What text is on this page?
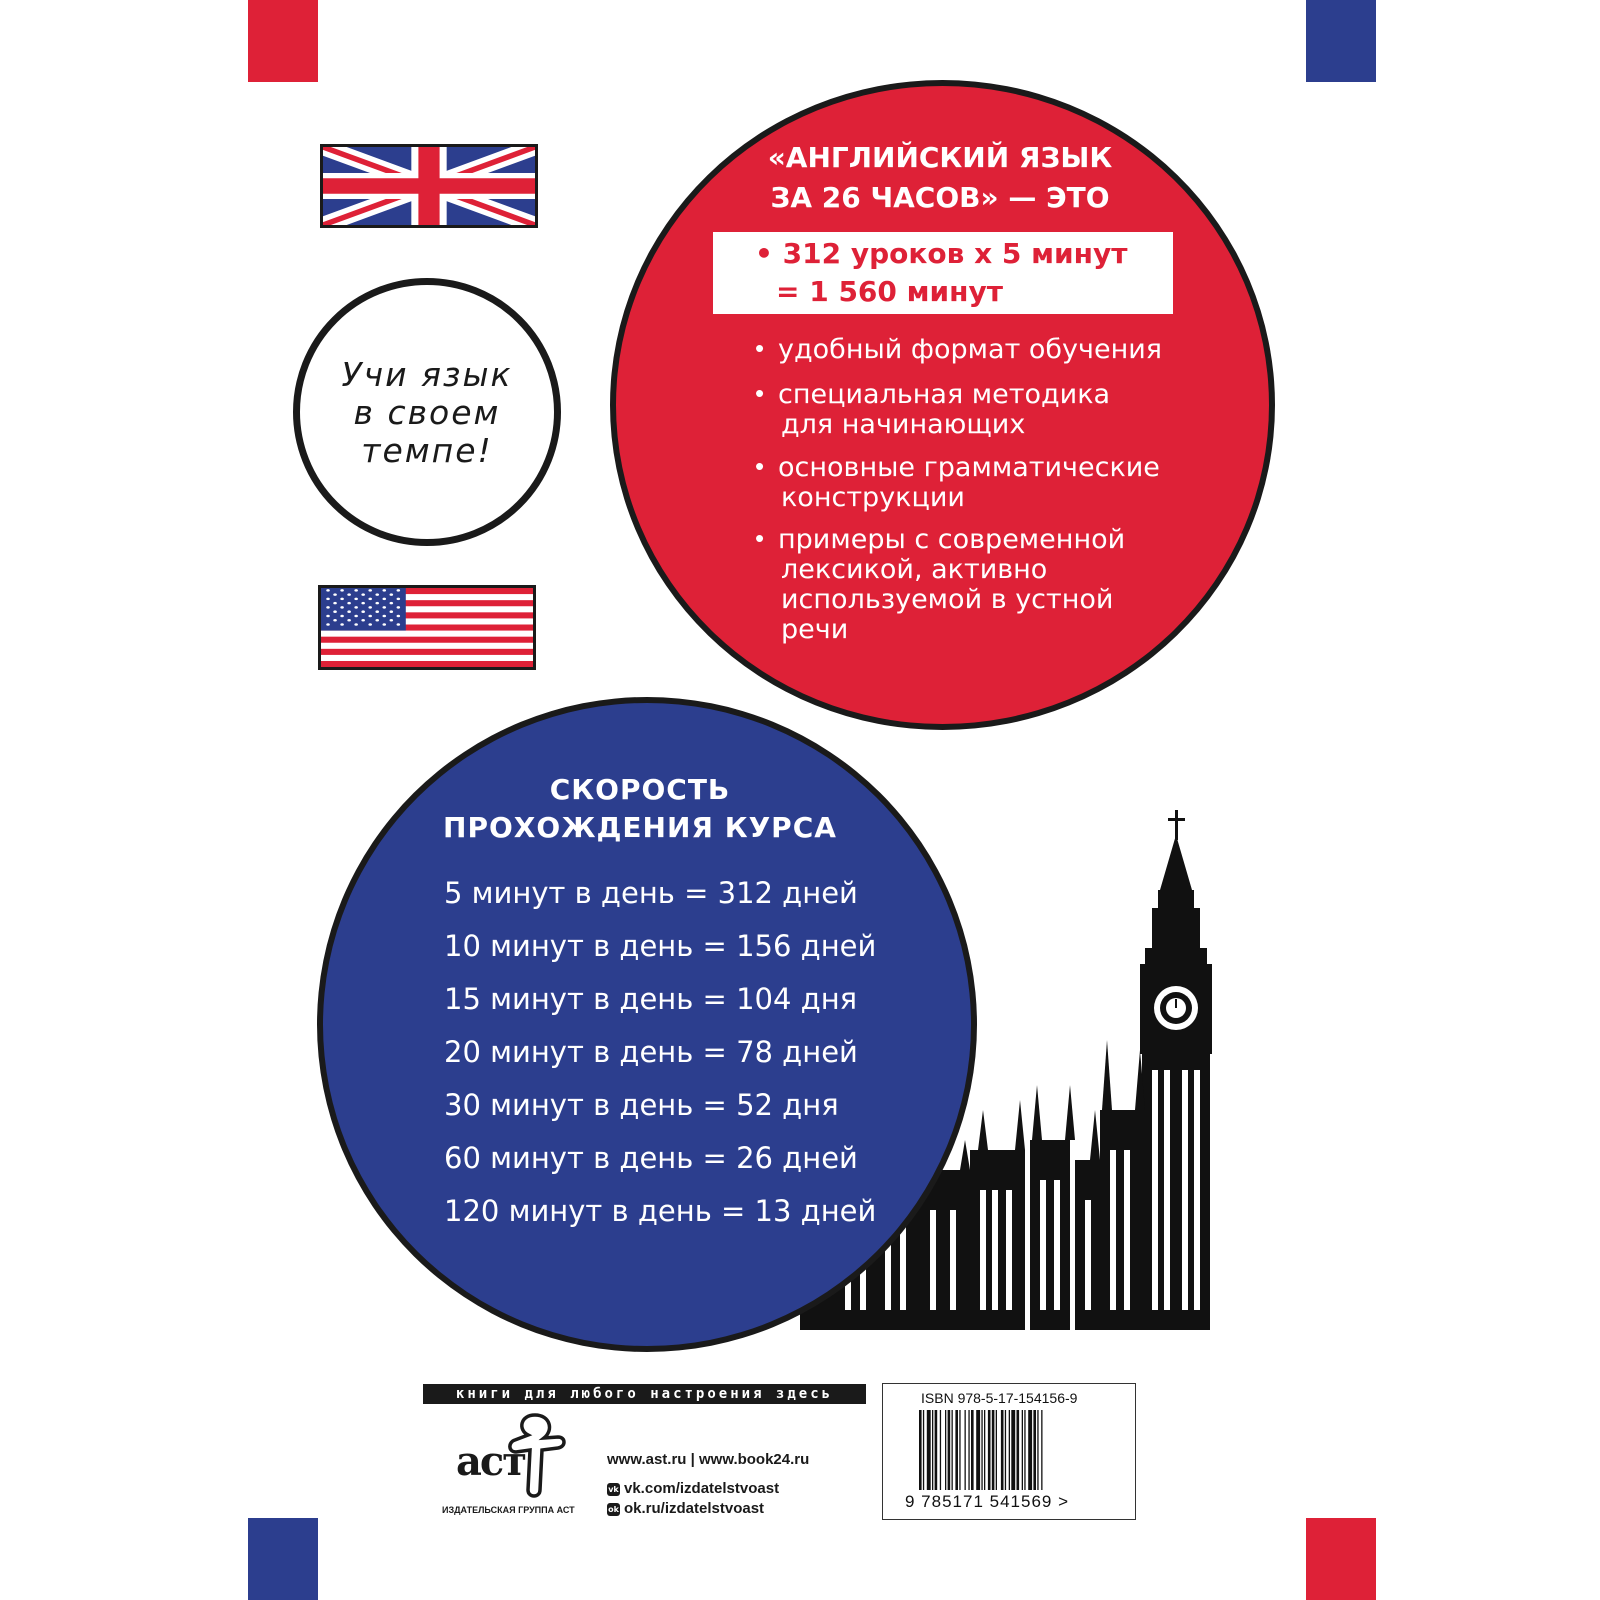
Учи язык
в своем
темпе!
«АНГЛИЙСКИЙ ЯЗЫК
ЗА 26 ЧАСОВ» — ЭТО
• 312 уроков х 5 минут
= 1 560 минут
• удобный формат обучения
• специальная методика
для начинающих
• основные грамматические
конструкции
• примеры с современной
лексикой, активно
используемой в устной
речи
СКОРОСТЬ
ПРОХОЖДЕНИЯ КУРСА
5 минут в день = 312 дней
10 минут в день = 156 дней
15 минут в день = 104 дня
20 минут в день = 78 дней
30 минут в день = 52 дня
60 минут в день = 26 дней
120 минут в день = 13 дней
книги для любого настроения здесь
аст
ИЗДАТЕЛЬСКАЯ ГРУППА АСТ
www.ast.ru | www.book24.ru
vk vk.com/izdatelstvoast
ok ok.ru/izdatelstvoast
ISBN 978-5-17-154156-9
9 785171 541569 >
